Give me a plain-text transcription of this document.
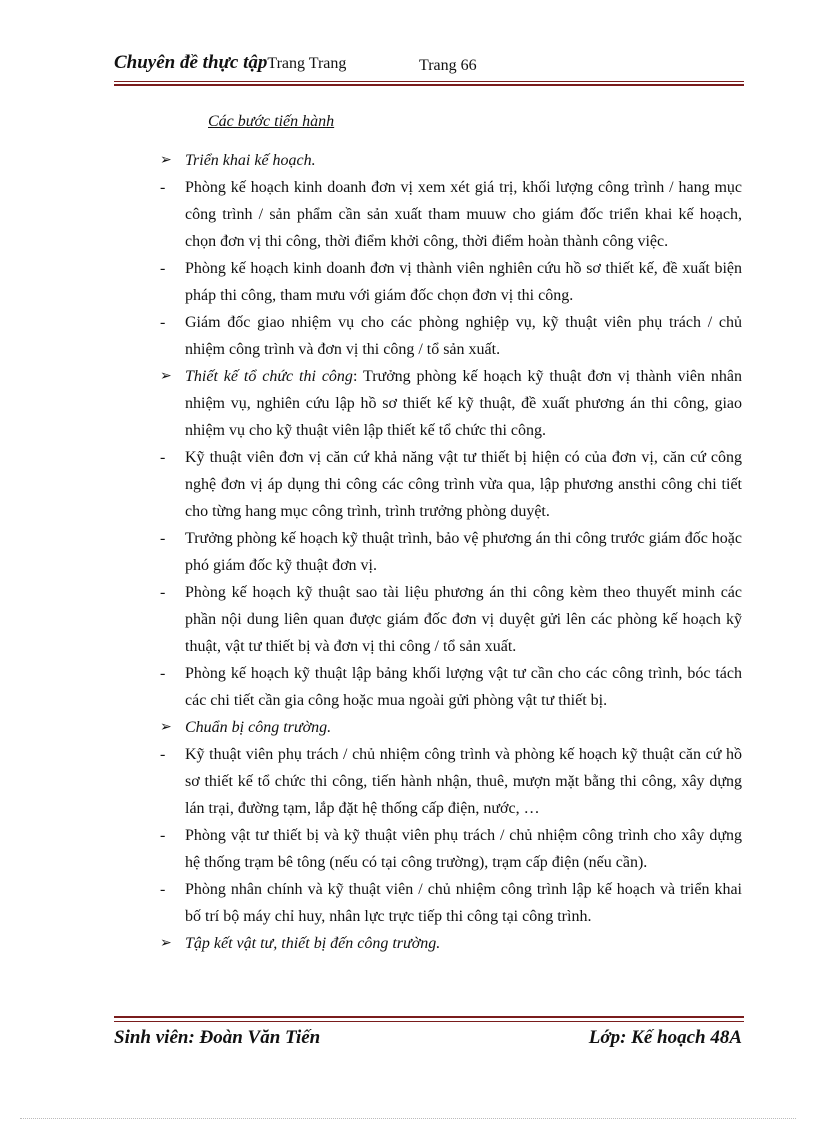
Chuyên đề thực tậpTrang Trang	Trang 66
Các bước tiến hành
➢ Triển khai kế hoạch.
-	Phòng kế hoạch kinh doanh đơn vị xem xét giá trị, khối lượng công trình / hang mục công trình / sản phẩm cần sản xuất tham muuw cho giám đốc triển khai kế hoạch, chọn đơn vị thi công, thời điểm khởi công, thời điểm hoàn thành công việc.
-	Phòng kế hoạch kinh doanh đơn vị thành viên nghiên cứu hồ sơ thiết kế, đề xuất biện pháp thi công, tham mưu với giám đốc chọn đơn vị thi công.
-	Giám đốc giao nhiệm vụ cho các phòng nghiệp vụ, kỹ thuật viên phụ trách / chủ nhiệm công trình và đơn vị thi công / tổ sản xuất.
➢ Thiết kế tổ chức thi công: Trưởng phòng kế hoạch kỹ thuật đơn vị thành viên nhân nhiệm vụ, nghiên cứu lập hồ sơ thiết kế kỹ thuật, đề xuất phương án thi công, giao nhiệm vụ cho kỹ thuật viên lập thiết kế tổ chức thi công.
-	Kỹ thuật viên đơn vị căn cứ khả năng vật tư thiết bị hiện có của đơn vị, căn cứ công nghệ đơn vị áp dụng thi công các công trình vừa qua, lập phương ansthi công chi tiết cho từng hang mục công trình, trình trưởng phòng duyệt.
-	Trưởng phòng kế hoạch kỹ thuật trình, bảo vệ phương án thi công trước giám đốc hoặc phó giám đốc kỹ thuật đơn vị.
-	Phòng kế hoạch kỹ thuật sao tài liệu phương án thi công kèm theo thuyết minh các phần nội dung liên quan được giám đốc đơn vị duyệt gửi lên các phòng kế hoạch kỹ thuật, vật tư thiết bị và đơn vị thi công / tổ sản xuất.
-	Phòng kế hoạch kỹ thuật lập bảng khối lượng vật tư cần cho các công trình, bóc tách các chi tiết cần gia công hoặc mua ngoài gửi phòng vật tư thiết bị.
➢ Chuẩn bị công trường.
-	Kỹ thuật viên phụ trách / chủ nhiệm công trình và phòng kế hoạch kỹ thuật căn cứ hồ sơ thiết kế tổ chức thi công, tiến hành nhận, thuê, mượn mặt bằng thi công, xây dựng lán trại, đường tạm, lắp đặt hệ thống cấp điện, nước, …
-	Phòng vật tư thiết bị và kỹ thuật viên phụ trách / chủ nhiệm công trình cho xây dựng hệ thống trạm bê tông (nếu có tại công trường), trạm cấp điện (nếu cần).
-	Phòng nhân chính và kỹ thuật viên / chủ nhiệm công trình lập kế hoạch và triển khai bố trí bộ máy chỉ huy, nhân lực trực tiếp thi công tại công trình.
➢ Tập kết vật tư, thiết bị đến công trường.
Sinh viên: Đoàn Văn Tiến	Lớp: Kế hoạch 48A
